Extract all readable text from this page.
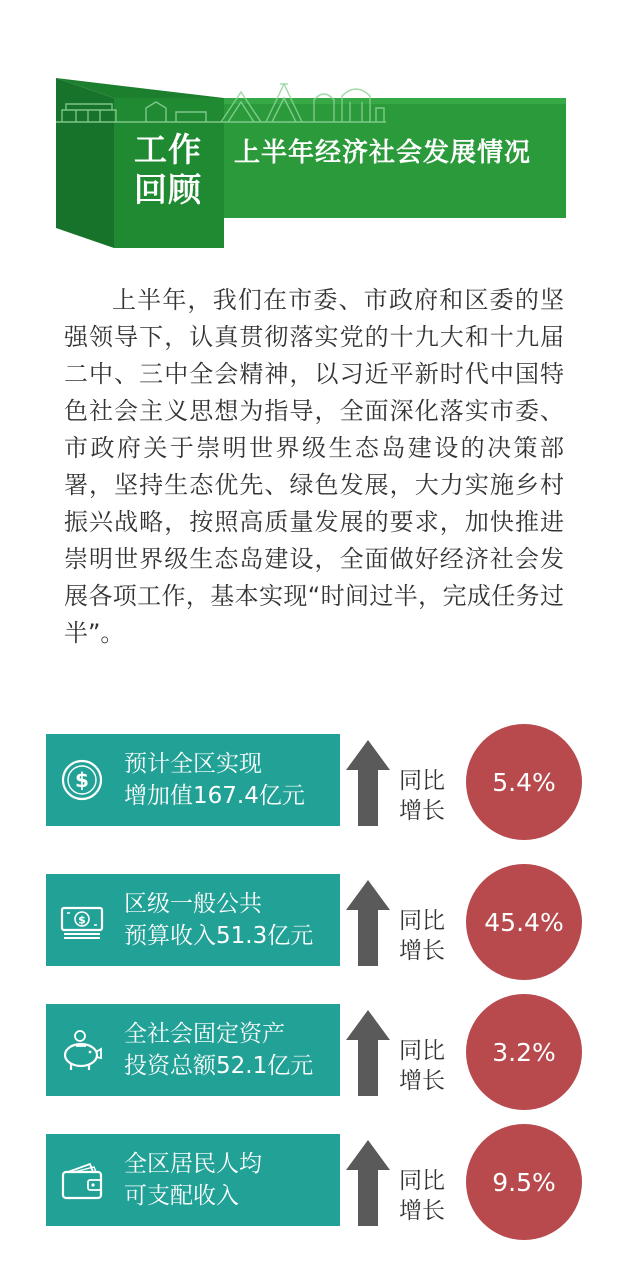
工作
回顾
上半年经济社会发展情况
上半年，我们在市委、市政府和区委的坚强领导下，认真贯彻落实党的十九大和十九届二中、三中全会精神，以习近平新时代中国特色社会主义思想为指导，全面深化落实市委、市政府关于崇明世界级生态岛建设的决策部署，坚持生态优先、绿色发展，大力实施乡村振兴战略，按照高质量发展的要求，加快推进崇明世界级生态岛建设，全面做好经济社会发展各项工作，基本实现“时间过半，完成任务过半”。
$
预计全区实现
增加值167.4亿元
同比
增长
5.4%
$
区级一般公共
预算收入51.3亿元
同比
增长
45.4%
全社会固定资产
投资总额52.1亿元
同比
增长
3.2%
全区居民人均
可支配收入
同比
增长
9.5%
